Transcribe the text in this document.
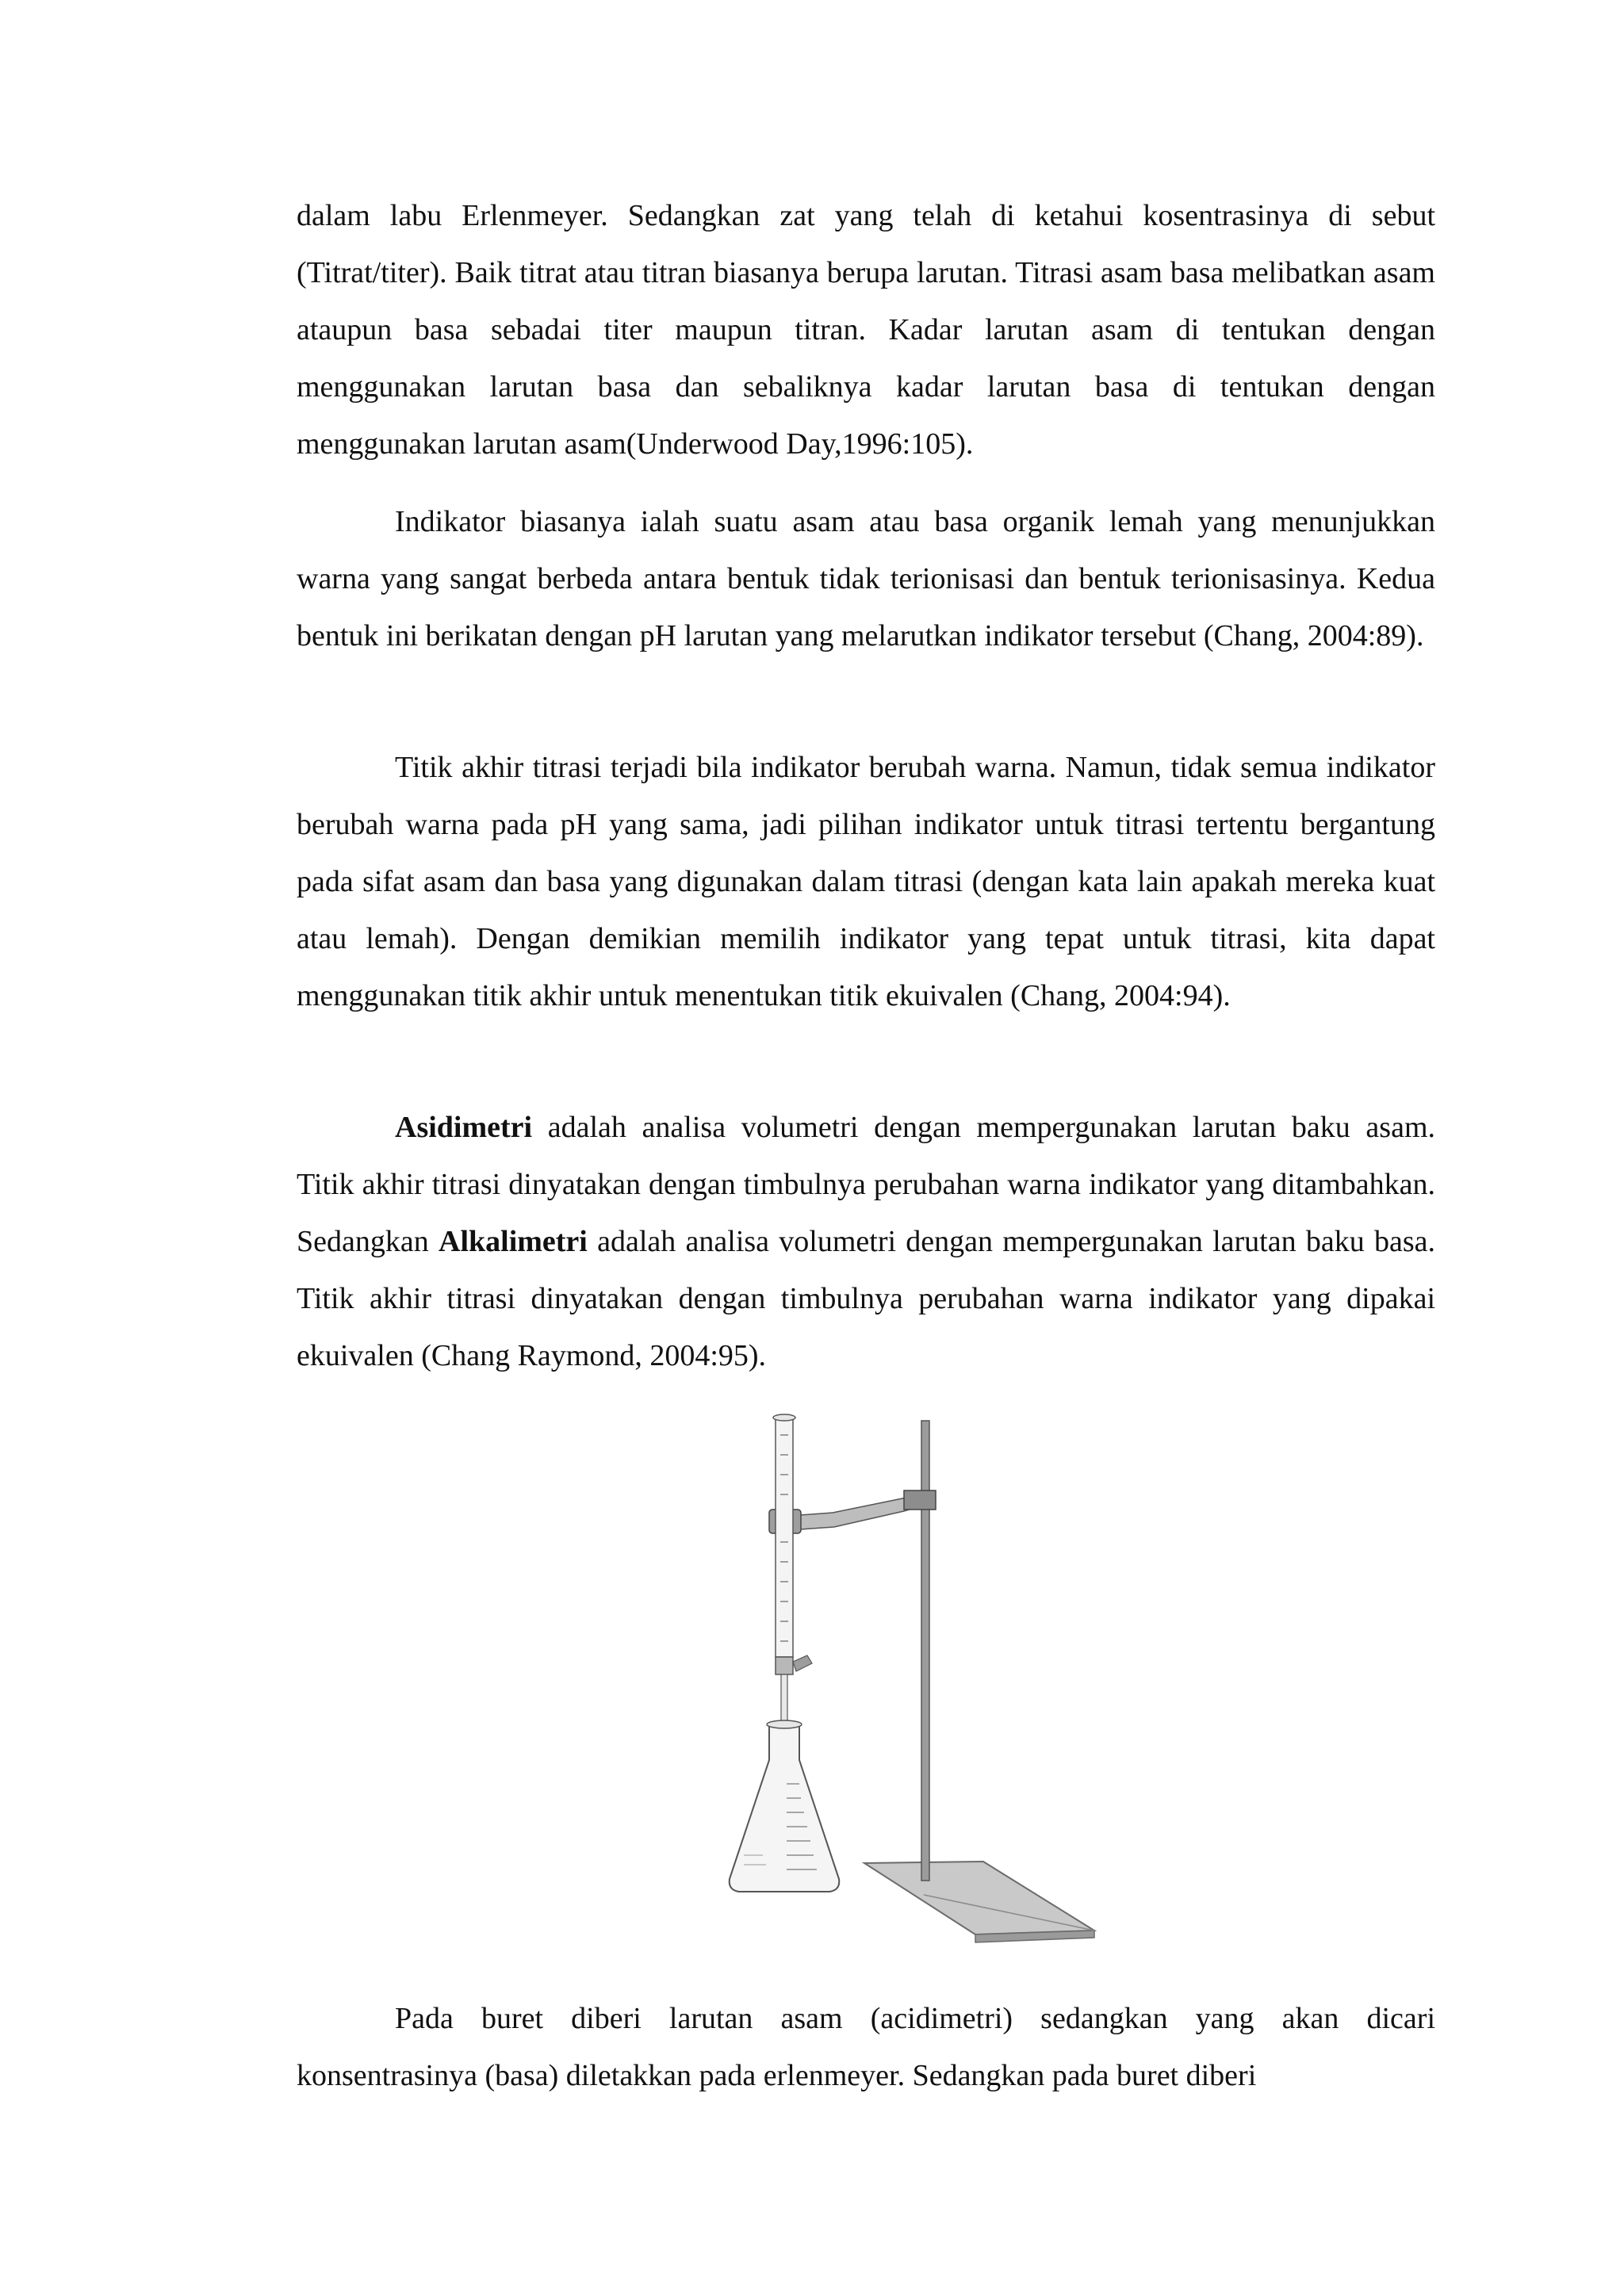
dalam labu Erlenmeyer. Sedangkan zat yang telah di ketahui kosentrasinya di sebut (Titrat/titer). Baik titrat atau titran biasanya berupa larutan. Titrasi asam basa melibatkan asam ataupun basa sebadai titer maupun titran. Kadar larutan asam di tentukan dengan menggunakan larutan basa dan sebaliknya kadar larutan basa di tentukan dengan menggunakan larutan asam(Underwood Day,1996:105).

Indikator biasanya ialah suatu asam atau basa organik lemah yang menunjukkan warna yang sangat berbeda antara bentuk tidak terionisasi dan bentuk terionisasinya. Kedua bentuk ini berikatan dengan pH larutan yang melarutkan indikator tersebut (Chang, 2004:89).

Titik akhir titrasi terjadi bila indikator berubah warna. Namun, tidak semua indikator berubah warna pada pH yang sama, jadi pilihan indikator untuk titrasi tertentu bergantung pada sifat asam dan basa yang digunakan dalam titrasi (dengan kata lain apakah mereka kuat atau lemah). Dengan demikian memilih indikator yang tepat untuk titrasi, kita dapat menggunakan titik akhir untuk menentukan titik ekuivalen (Chang, 2004:94).

Asidimetri adalah analisa volumetri dengan mempergunakan larutan baku asam. Titik akhir titrasi dinyatakan dengan timbulnya perubahan warna indikator yang ditambahkan. Sedangkan Alkalimetri adalah analisa volumetri dengan mempergunakan larutan baku basa. Titik akhir titrasi dinyatakan dengan timbulnya perubahan warna indikator yang dipakai ekuivalen (Chang Raymond, 2004:95).

Pada buret diberi larutan asam (acidimetri) sedangkan yang akan dicari konsentrasinya (basa) diletakkan pada erlenmeyer. Sedangkan pada buret diberi
